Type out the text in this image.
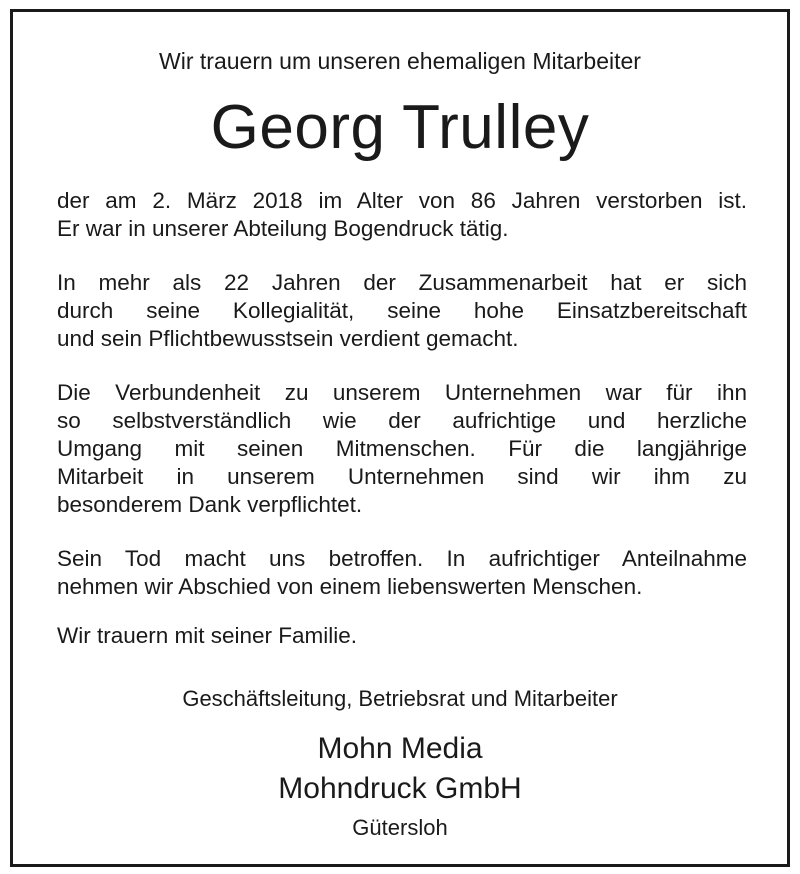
Wir trauern um unseren ehemaligen Mitarbeiter
Georg Trulley
der am 2. März 2018 im Alter von 86 Jahren verstorben ist.
Er war in unserer Abteilung Bogendruck tätig.
In mehr als 22 Jahren der Zusammenarbeit hat er sich
durch seine Kollegialität, seine hohe Einsatzbereitschaft
und sein Pflichtbewusstsein verdient gemacht.
Die Verbundenheit zu unserem Unternehmen war für ihn
so selbstverständlich wie der aufrichtige und herzliche
Umgang mit seinen Mitmenschen. Für die langjährige
Mitarbeit in unserem Unternehmen sind wir ihm zu
besonderem Dank verpflichtet.
Sein Tod macht uns betroffen. In aufrichtiger Anteilnahme
nehmen wir Abschied von einem liebenswerten Menschen.
Wir trauern mit seiner Familie.
Geschäftsleitung, Betriebsrat und Mitarbeiter
Mohn Media
Mohndruck GmbH
Gütersloh
